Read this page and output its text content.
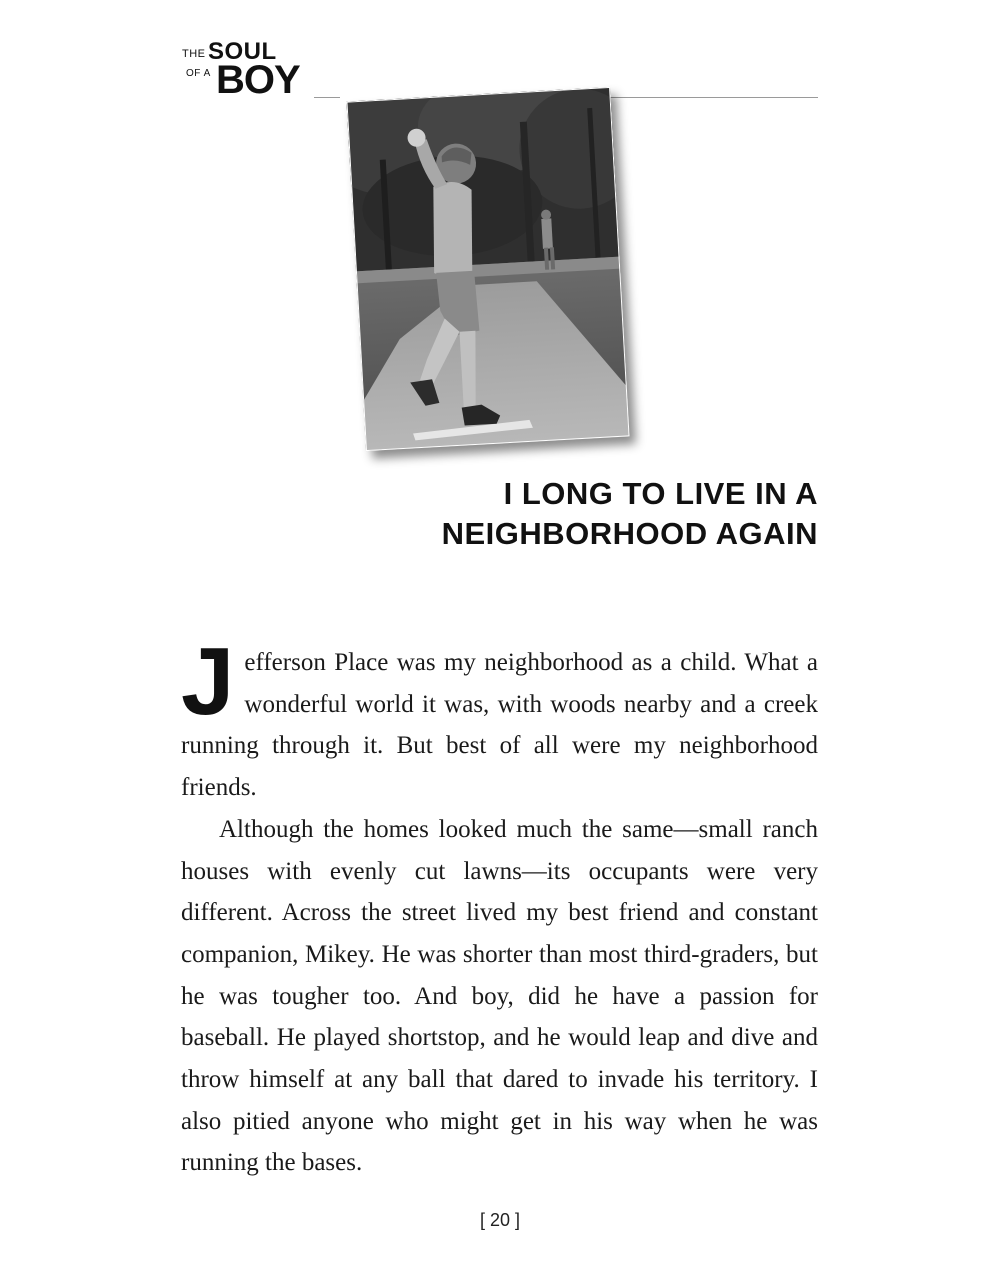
THE SOUL
OF A BOY
I LONG TO LIVE IN A
NEIGHBORHOOD AGAIN

Jefferson Place was my neighborhood as a child. What a wonderful world it was, with woods nearby and a creek running through it. But best of all were my neighborhood friends.

Although the homes looked much the same—small ranch houses with evenly cut lawns—its occupants were very different. Across the street lived my best friend and constant companion, Mikey. He was shorter than most third-graders, but he was tougher too. And boy, did he have a passion for baseball. He played shortstop, and he would leap and dive and throw himself at any ball that dared to invade his territory. I also pitied anyone who might get in his way when he was running the bases.

[ 20 ]
